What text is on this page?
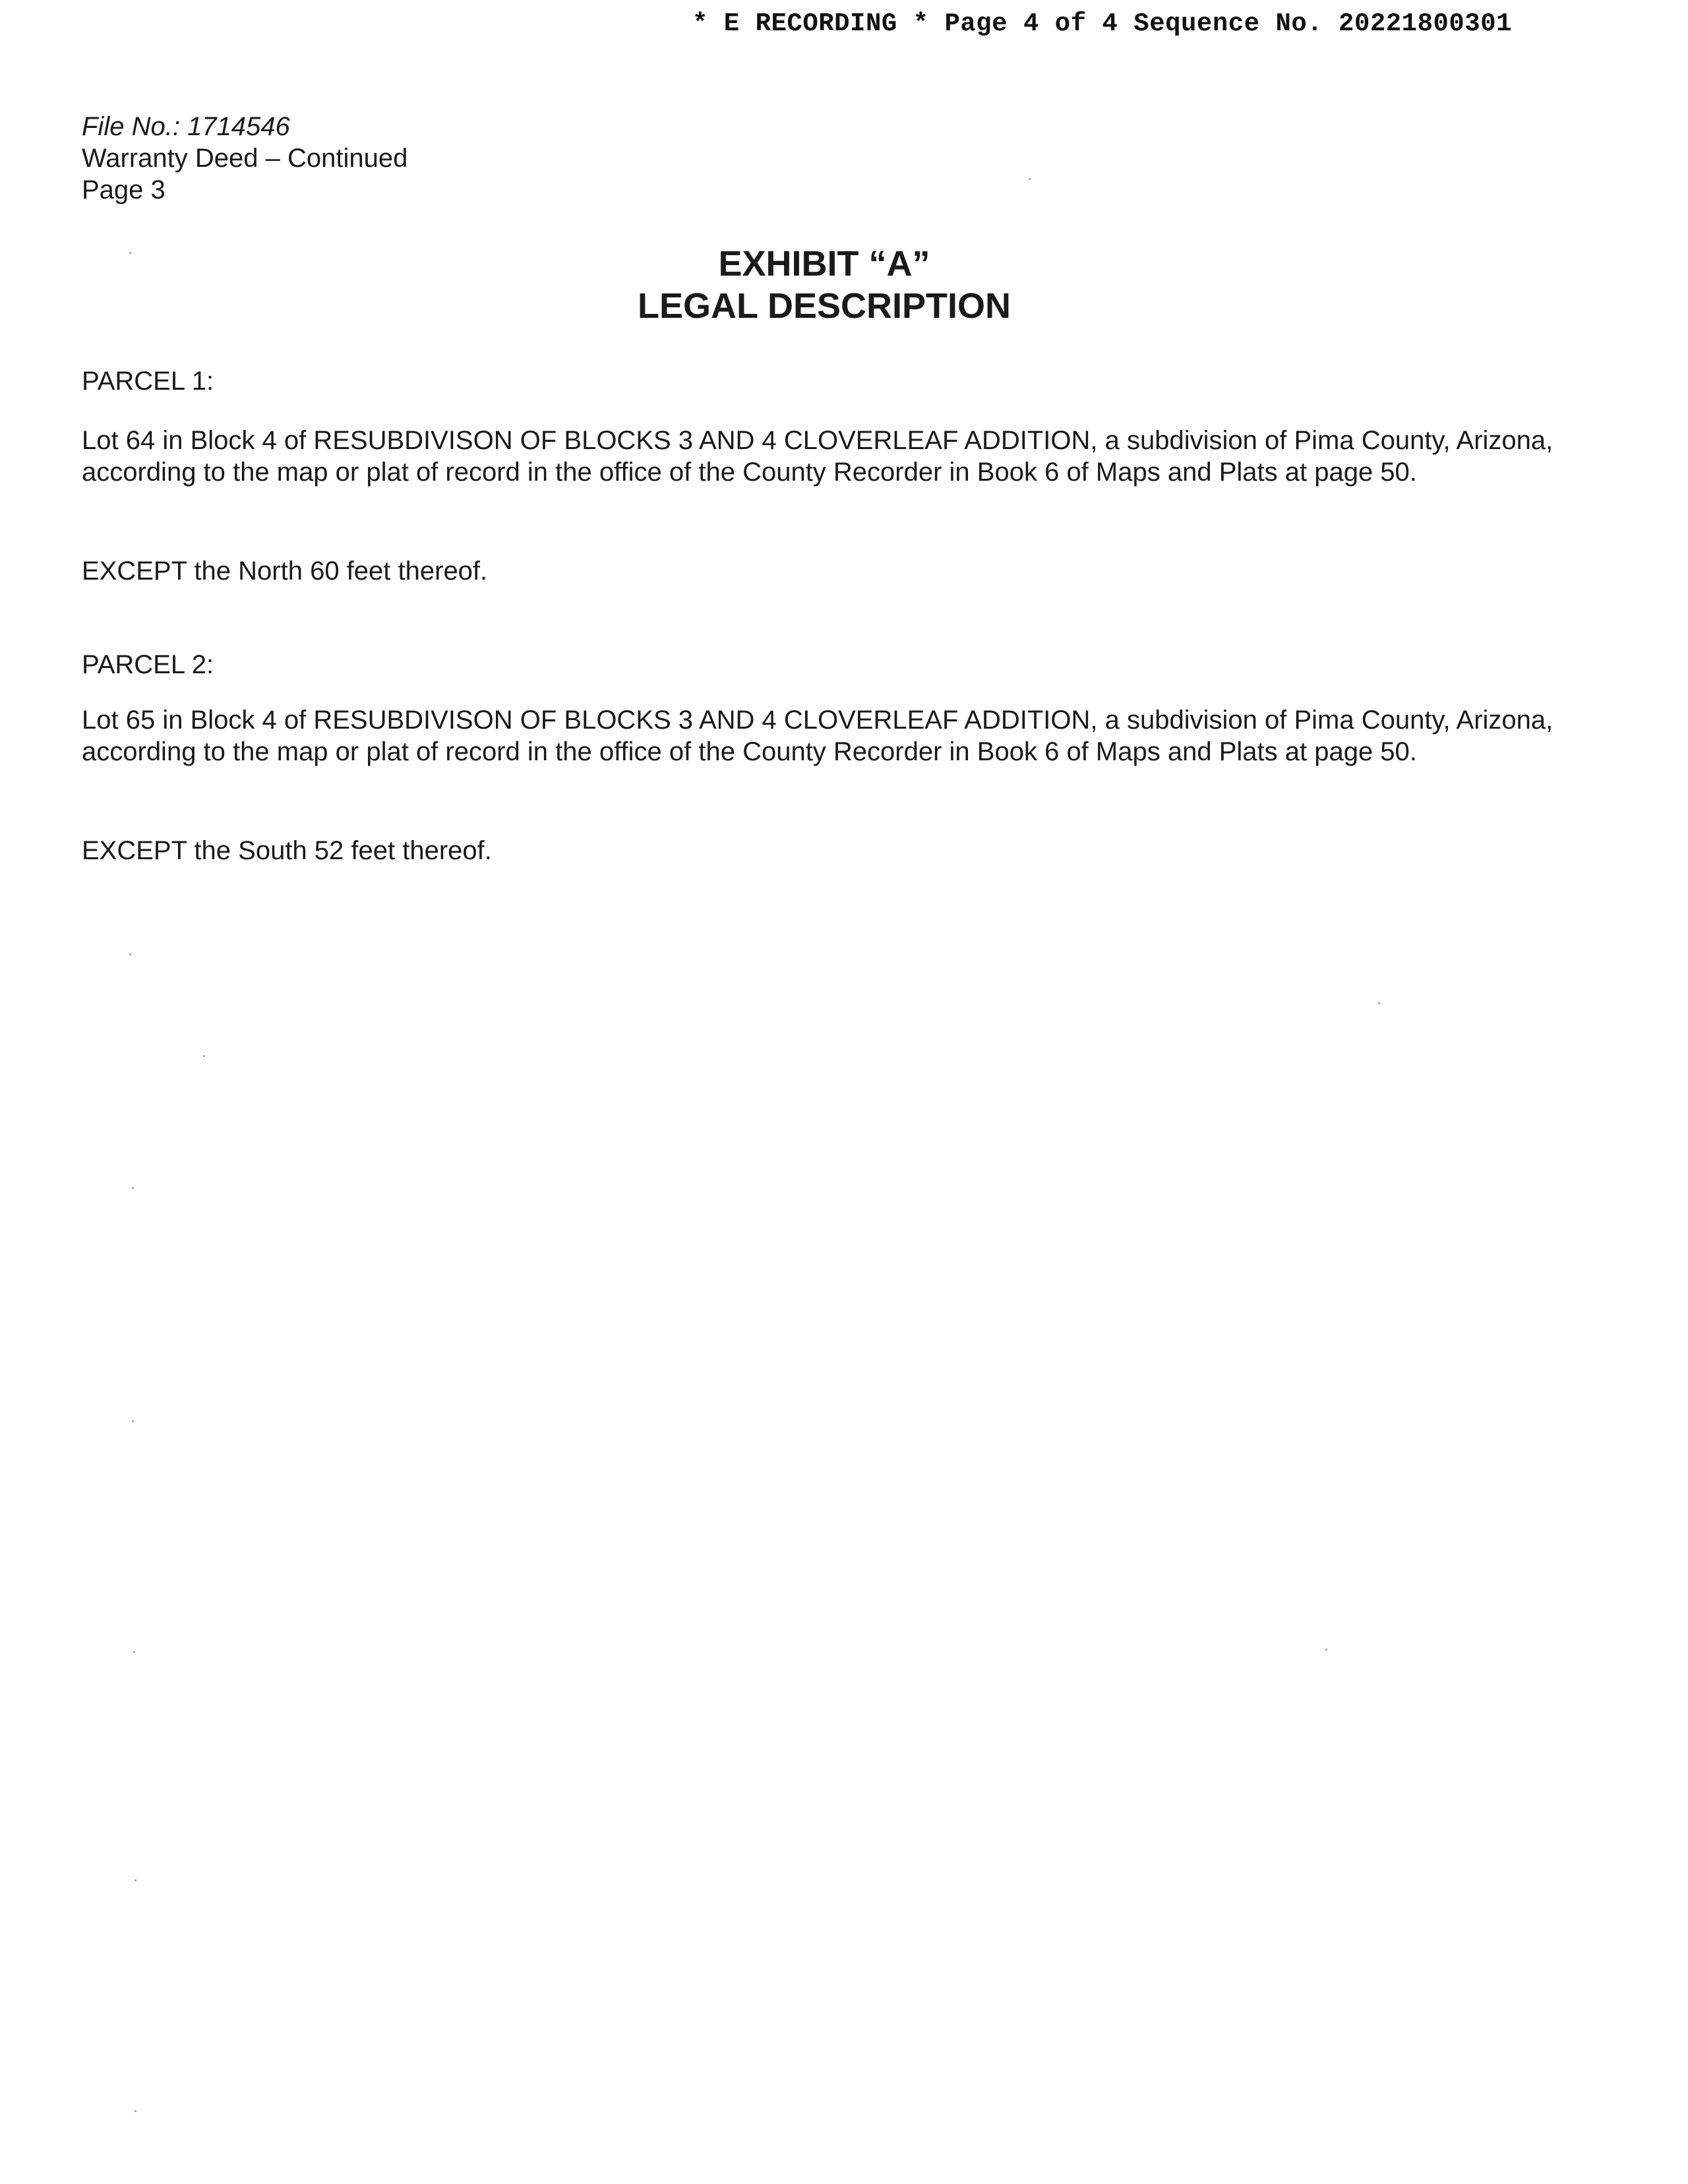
* E RECORDING * Page 4 of 4 Sequence No. 20221800301
File No.: 1714546
Warranty Deed – Continued
Page 3
EXHIBIT “A”
LEGAL DESCRIPTION
PARCEL 1:
Lot 64 in Block 4 of RESUBDIVISON OF BLOCKS 3 AND 4 CLOVERLEAF ADDITION, a subdivision of Pima County, Arizona, according to the map or plat of record in the office of the County Recorder in Book 6 of Maps and Plats at page 50.
EXCEPT the North 60 feet thereof.
PARCEL 2:
Lot 65 in Block 4 of RESUBDIVISON OF BLOCKS 3 AND 4 CLOVERLEAF ADDITION, a subdivision of Pima County, Arizona, according to the map or plat of record in the office of the County Recorder in Book 6 of Maps and Plats at page 50.
EXCEPT the South 52 feet thereof.
